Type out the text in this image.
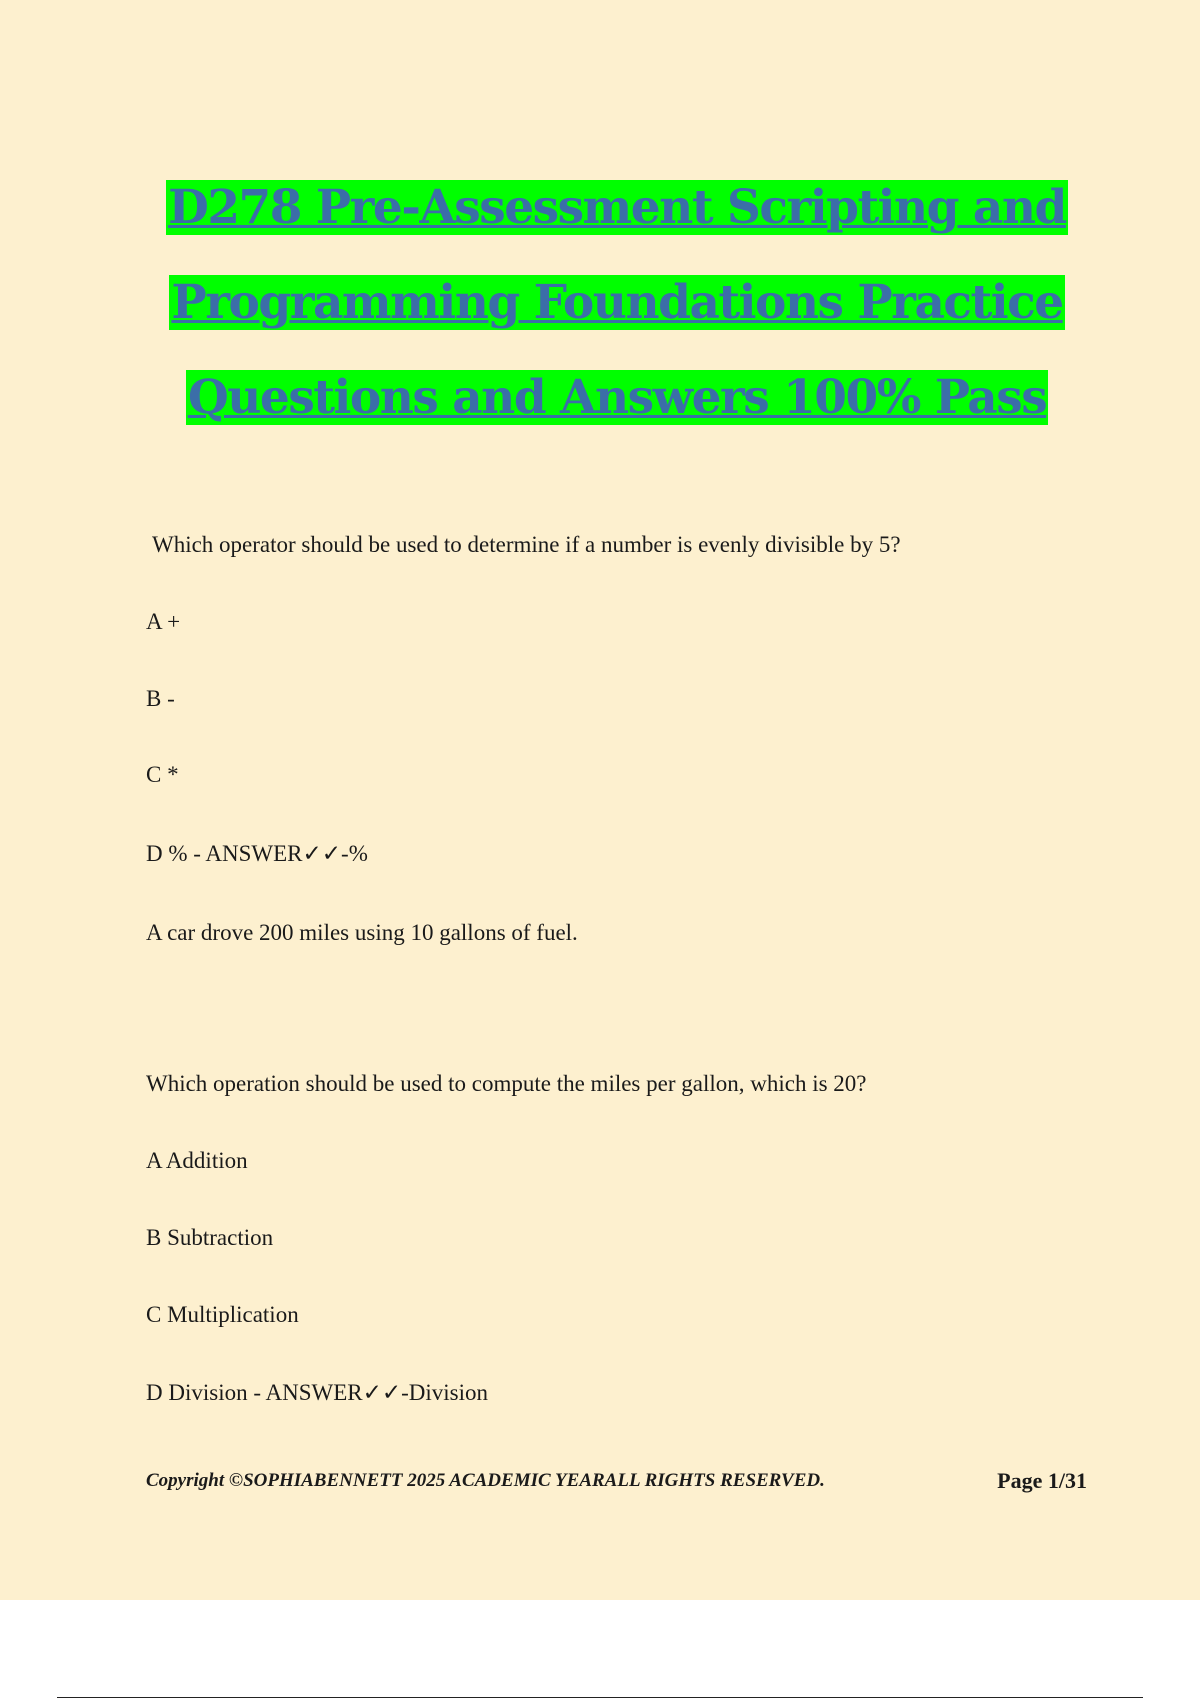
D278 Pre-Assessment Scripting and
Programming Foundations Practice
Questions and Answers 100% Pass
Which operator should be used to determine if a number is evenly divisible by 5?
A +
B -
C *
D % - ANSWER✓✓-%
A car drove 200 miles using 10 gallons of fuel.
Which operation should be used to compute the miles per gallon, which is 20?
A Addition
B Subtraction
C Multiplication
D Division - ANSWER✓✓-Division
Copyright ©SOPHIABENNETT 2025 ACADEMIC YEARALL RIGHTS RESERVED.	Page 1/31
